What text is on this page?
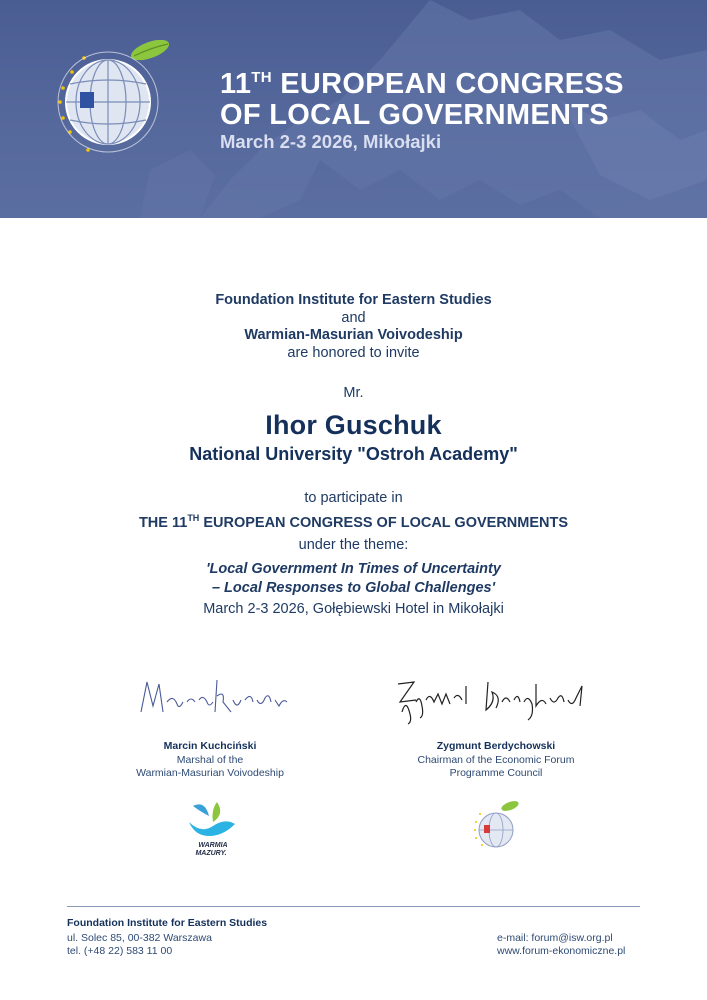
11TH EUROPEAN CONGRESS
OF LOCAL GOVERNMENTS
March 2-3 2026, Mikołajki
Foundation Institute for Eastern Studies
and
Warmian-Masurian Voivodeship
are honored to invite
Mr.
Ihor Guschuk
National University "Ostroh Academy"
to participate in
THE 11TH EUROPEAN CONGRESS OF LOCAL GOVERNMENTS
under the theme:
'Local Government In Times of Uncertainty
– Local Responses to Global Challenges'
March 2-3 2026, Gołębiewski Hotel in Mikołajki
Marcin Kuchciński
Marshal of the
Warmian-Masurian Voivodeship
Zygmunt Berdychowski
Chairman of the Economic Forum
Programme Council
WARMIA
MAZURY.
Foundation Institute for Eastern Studies
ul. Solec 85, 00-382 Warszawa
tel. (+48 22) 583 11 00
e-mail: forum@isw.org.pl
www.forum-ekonomiczne.pl
